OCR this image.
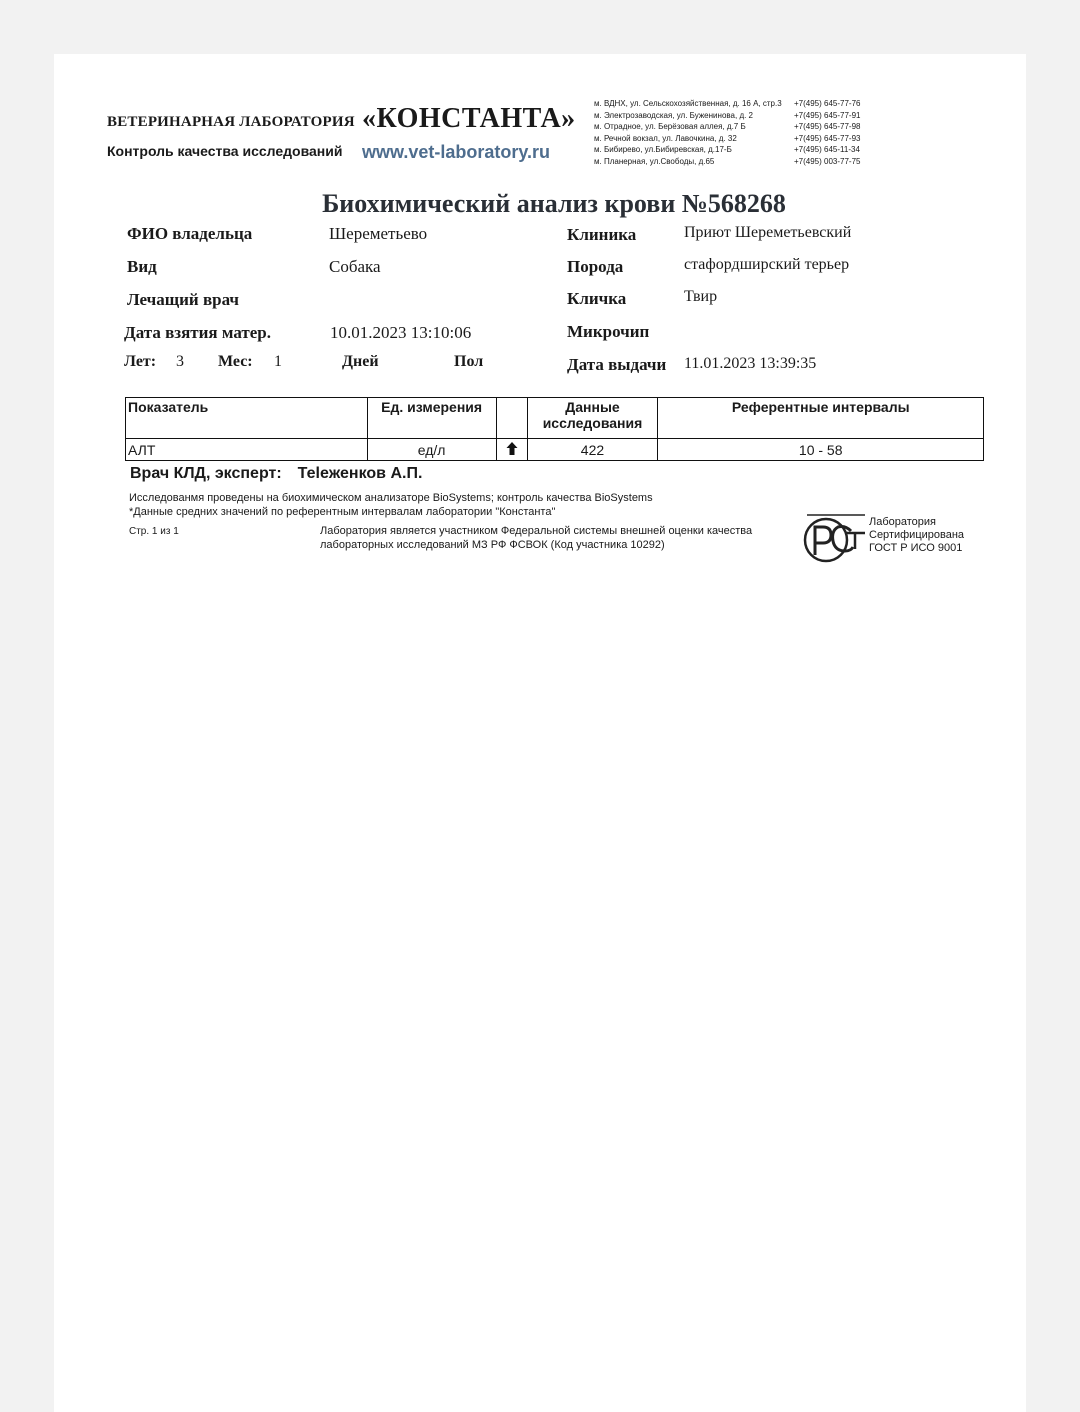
ВЕТЕРИНАРНАЯ ЛАБОРАТОРИЯ
Контроль качества исследований
«КОНСТАНТА»
www.vet-laboratory.ru
м. ВДНХ, ул. Сельскохозяйственная, д. 16 А, стр.3 +7(495) 645-77-76
м. Электрозаводская, ул. Буженинова, д. 2	+7(495) 645-77-91
м. Отрадное, ул. Берёзовая аллея, д.7 Б	+7(495) 645-77-98
м. Речной вокзал, ул. Лавочкина, д. 32	+7(495) 645-77-93
м. Бибирево, ул.Бибиревская, д.17-Б	+7(495) 645-11-34
м. Планерная, ул.Свободы, д.65	+7(495) 003-77-75
Биохимический анализ крови №568268
ФИО владельца	Шереметьево
Вид	Собака
Лечащий врач
Дата взятия матер.	10.01.2023 13:10:06
Лет: 3 Мес: 1	Дней	Пол
Клиника	Приют Шереметьевский
Порода	стафордширский терьер
Кличка	Твир
Микрочип
Дата выдачи 11.01.2023 13:39:35
Показатель	Ед. измерения		Данные исследования	Референтные интервалы
АЛТ	ед/л		422	10 - 58
Врач КЛД, эксперт: Теleженков А.П.
Исследованмя проведены на биохимическом анализаторе BioSystems; контроль качества BioSystems
*Данные средних значений по референтным интервалам лаборатории "Константа"
Стр. 1 из 1	Лаборатория является участником Федеральной системы внешней оценки качества
лабораторных исследований МЗ РФ ФСВОК (Код участника 10292)
Лаборатория
Сертифицирована
ГОСТ Р ИСО 9001
